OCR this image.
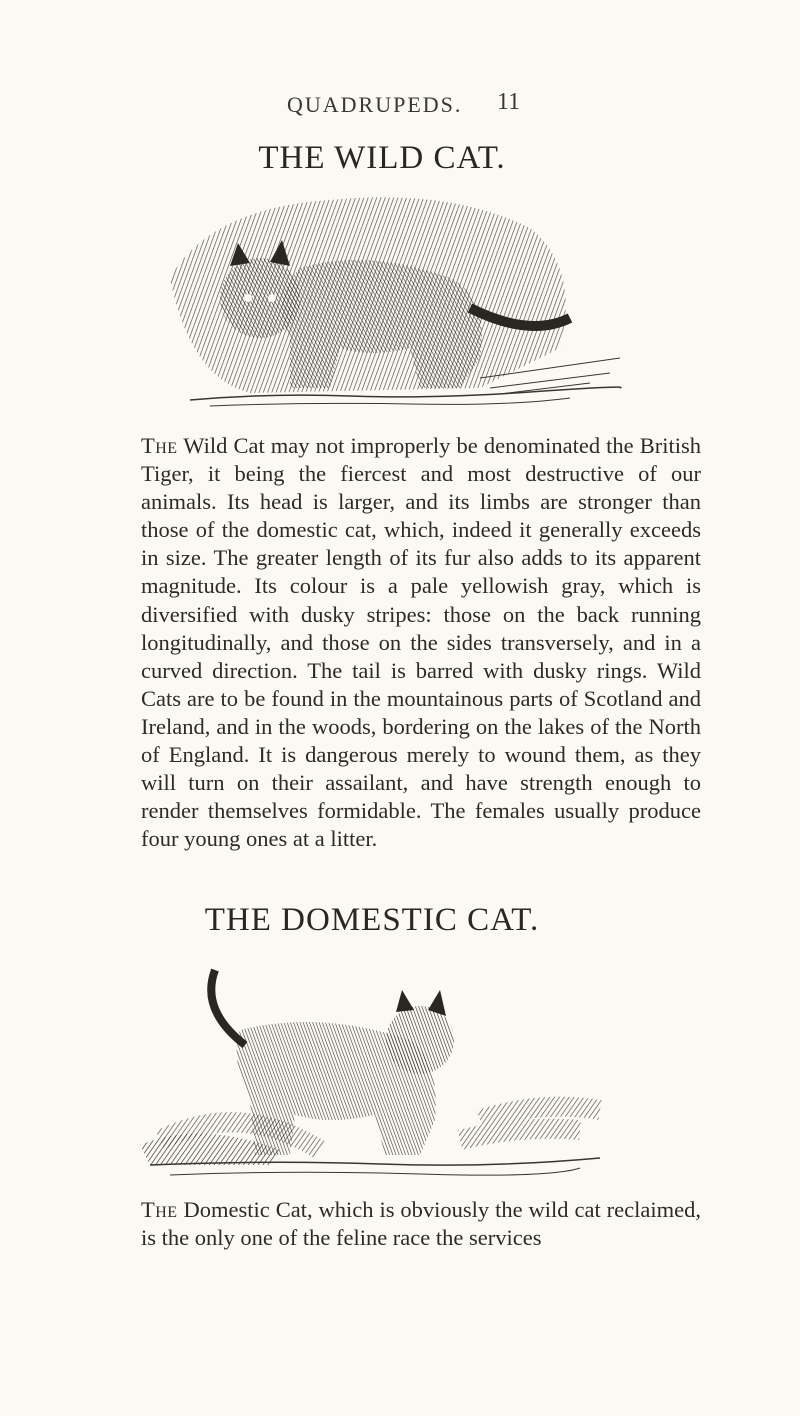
QUADRUPEDS. 11
THE WILD CAT.

The Wild Cat may not improperly be denominated the British Tiger, it being the fiercest and most destructive of our animals. Its head is larger, and its limbs are stronger than those of the domestic cat, which, indeed it generally exceeds in size. The greater length of its fur also adds to its apparent magnitude. Its colour is a pale yellowish gray, which is diversified with dusky stripes: those on the back running longitudinally, and those on the sides transversely, and in a curved direction. The tail is barred with dusky rings. Wild Cats are to be found in the mountainous parts of Scotland and Ireland, and in the woods, bordering on the lakes of the North of England. It is dangerous merely to wound them, as they will turn on their assailant, and have strength enough to render themselves formidable. The females usually produce four young ones at a litter.

THE DOMESTIC CAT.

The Domestic Cat, which is obviously the wild cat reclaimed, is the only one of the feline race the services
